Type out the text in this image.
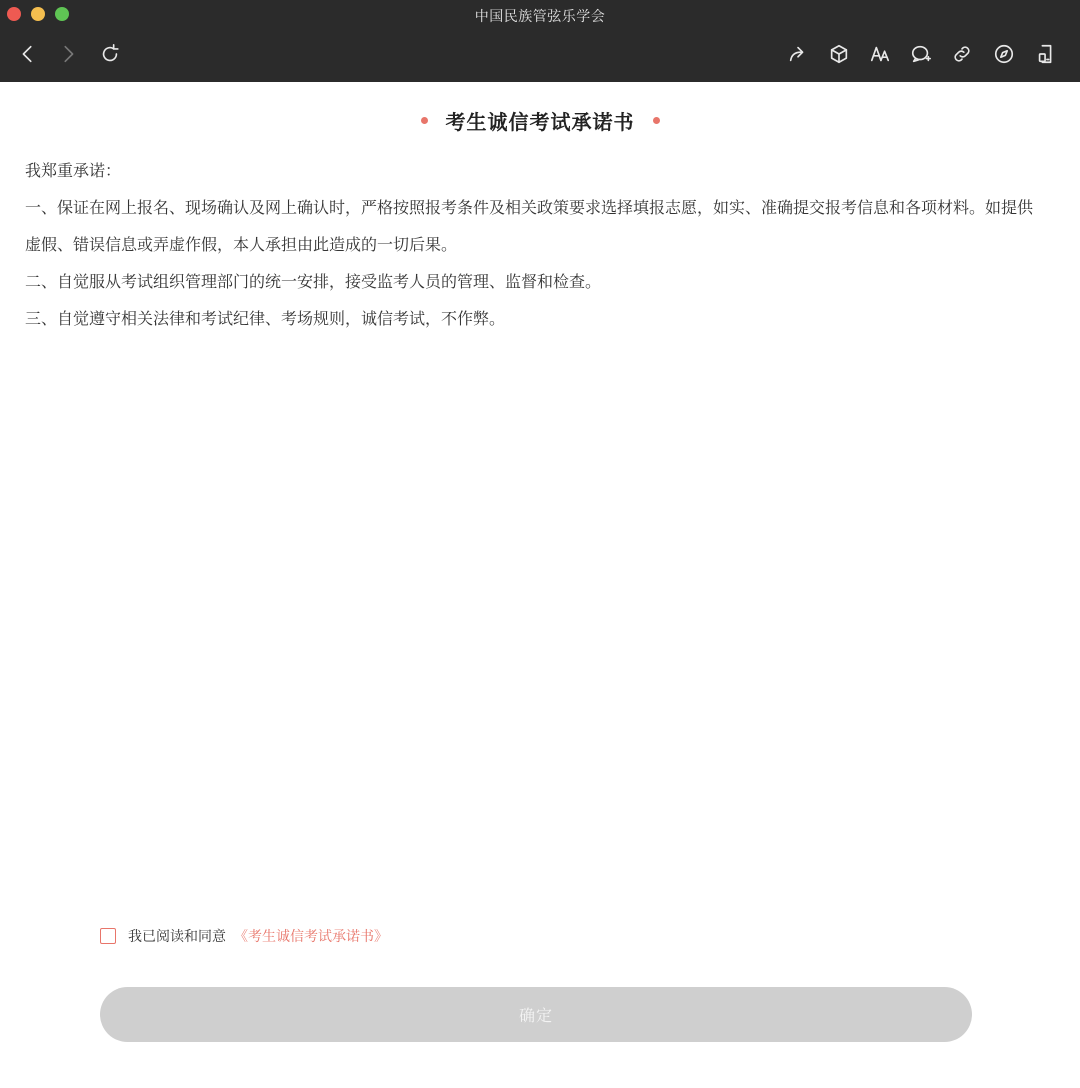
中国民族管弦乐学会
考生诚信考试承诺书

我郑重承诺：

一、保证在网上报名、现场确认及网上确认时，严格按照报考条件及相关政策要求选择填报志愿，如实、准确提交报考信息和各项材料。如提供虚假、错误信息或弄虚作假，本人承担由此造成的一切后果。

二、自觉服从考试组织管理部门的统一安排，接受监考人员的管理、监督和检查。

三、自觉遵守相关法律和考试纪律、考场规则，诚信考试，不作弊。

我已阅读和同意 《考生诚信考试承诺书》
确定
